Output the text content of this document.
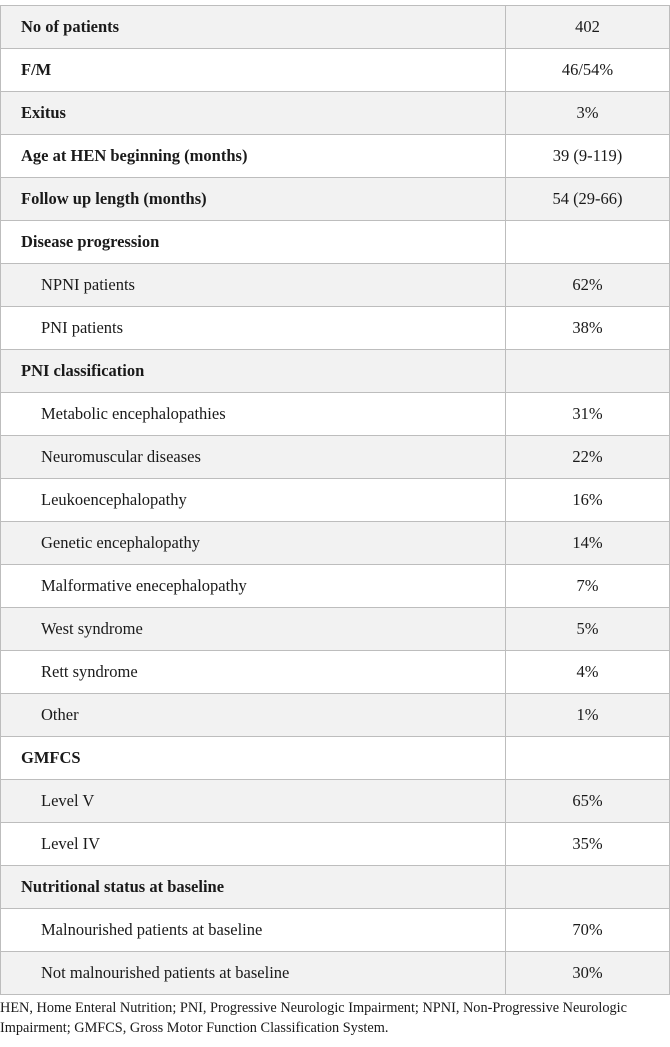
No of patients	402
F/M	46/54%
Exitus	3%
Age at HEN beginning (months)	39 (9-119)
Follow up length (months)	54 (29-66)
Disease progression	
NPNI patients	62%
PNI patients	38%
PNI classification	
Metabolic encephalopathies	31%
Neuromuscular diseases	22%
Leukoencephalopathy	16%
Genetic encephalopathy	14%
Malformative enecephalopathy	7%
West syndrome	5%
Rett syndrome	4%
Other	1%
GMFCS	
Level V	65%
Level IV	35%
Nutritional status at baseline	
Malnourished patients at baseline	70%
Not malnourished patients at baseline	30%
HEN, Home Enteral Nutrition; PNI, Progressive Neurologic Impairment; NPNI, Non-Progressive Neurologic Impairment; GMFCS, Gross Motor Function Classification System.
